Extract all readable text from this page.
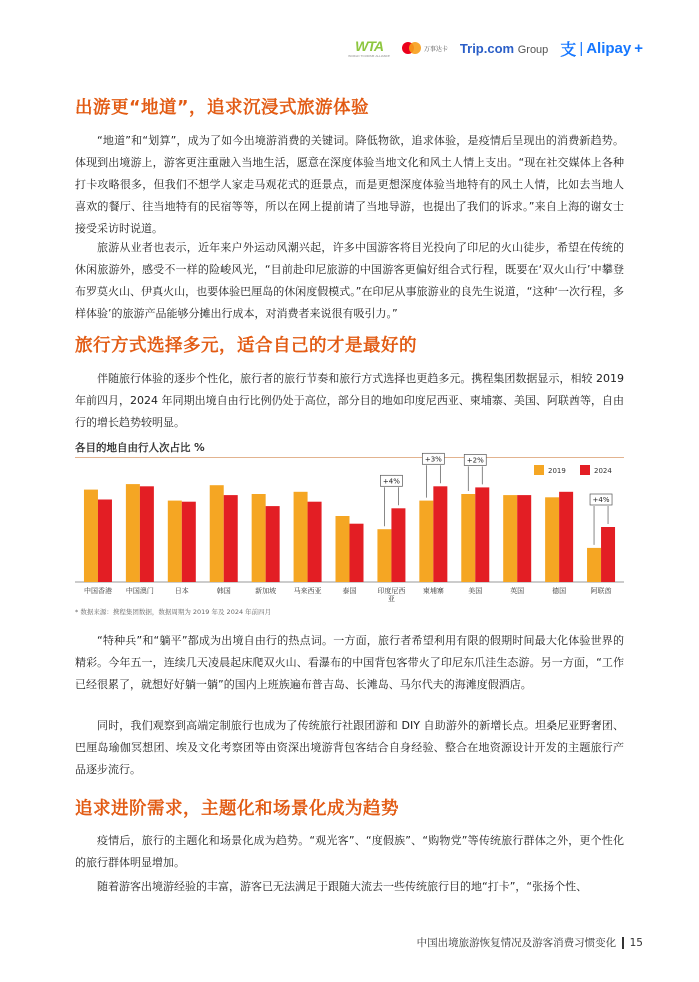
WTA
WORLD TOURISM ALLIANCE
万事达卡 Trip.com Group 支 | Alipay +
出游更“地道”，追求沉浸式旅游体验

“地道”和“划算”，成为了如今出境游消费的关键词。降低物欲，追求体验，是疫情后呈现出的消费新趋势。体现到出境游上，游客更注重融入当地生活，愿意在深度体验当地文化和风土人情上支出。“现在社交媒体上各种打卡攻略很多，但我们不想学人家走马观花式的逛景点，而是更想深度体验当地特有的风土人情，比如去当地人喜欢的餐厅、往当地特有的民宿等等，所以在网上提前请了当地导游，也提出了我们的诉求。”来自上海的谢女士接受采访时说道。

旅游从业者也表示，近年来户外运动风潮兴起，许多中国游客将目光投向了印尼的火山徒步，希望在传统的休闲旅游外，感受不一样的险峻风光，“目前赴印尼旅游的中国游客更偏好组合式行程，既要在‘双火山行’中攀登布罗莫火山、伊真火山，也要体验巴厘岛的休闲度假模式。”在印尼从事旅游业的良先生说道，“这种‘一次行程，多样体验’的旅游产品能够分摊出行成本，对消费者来说很有吸引力。”

旅行方式选择多元，适合自己的才是最好的

伴随旅行体验的逐步个性化，旅行者的旅行节奏和旅行方式选择也更趋多元。携程集团数据显示，相较 2019 年前四月，2024 年同期出境自由行比例仍处于高位，部分目的地如印度尼西亚、柬埔寨、美国、阿联酋等，自由行的增长趋势较明显。

各目的地自由行人次占比 %
中国香港 中国澳门	日本	韩国	新加坡 马来西亚	泰国	印度尼西亚
柬埔寨	美国	英国	德国	阿联酋
+4%
+3%	+2%
+4%
2019	2024
* 数据来源：携程集团数据，数据周期为 2019 年及 2024 年前四月

“特种兵”和“躺平”都成为出境自由行的热点词。一方面，旅行者希望利用有限的假期时间最大化体验世界的精彩。今年五一，连续几天凌晨起床爬双火山、看瀑布的中国背包客带火了印尼东爪洼生态游。另一方面，“工作已经很累了，就想好好躺一躺”的国内上班族遍布普吉岛、长滩岛、马尔代夫的海滩度假酒店。

同时，我们观察到高端定制旅行也成为了传统旅行社跟团游和 DIY 自助游外的新增长点。坦桑尼亚野奢团、巴厘岛瑜伽冥想团、埃及文化考察团等由资深出境游背包客结合自身经验、整合在地资源设计开发的主题旅行产品逐步流行。

追求进阶需求，主题化和场景化成为趋势

疫情后，旅行的主题化和场景化成为趋势。“观光客”、“度假族”、“购物党”等传统旅行群体之外，更个性化的旅行群体明显增加。

随着游客出境游经验的丰富，游客已无法满足于跟随大流去一些传统旅行目的地“打卡”，“张扬个性、

中国出境旅游恢复情况及游客消费习惯变化 15
